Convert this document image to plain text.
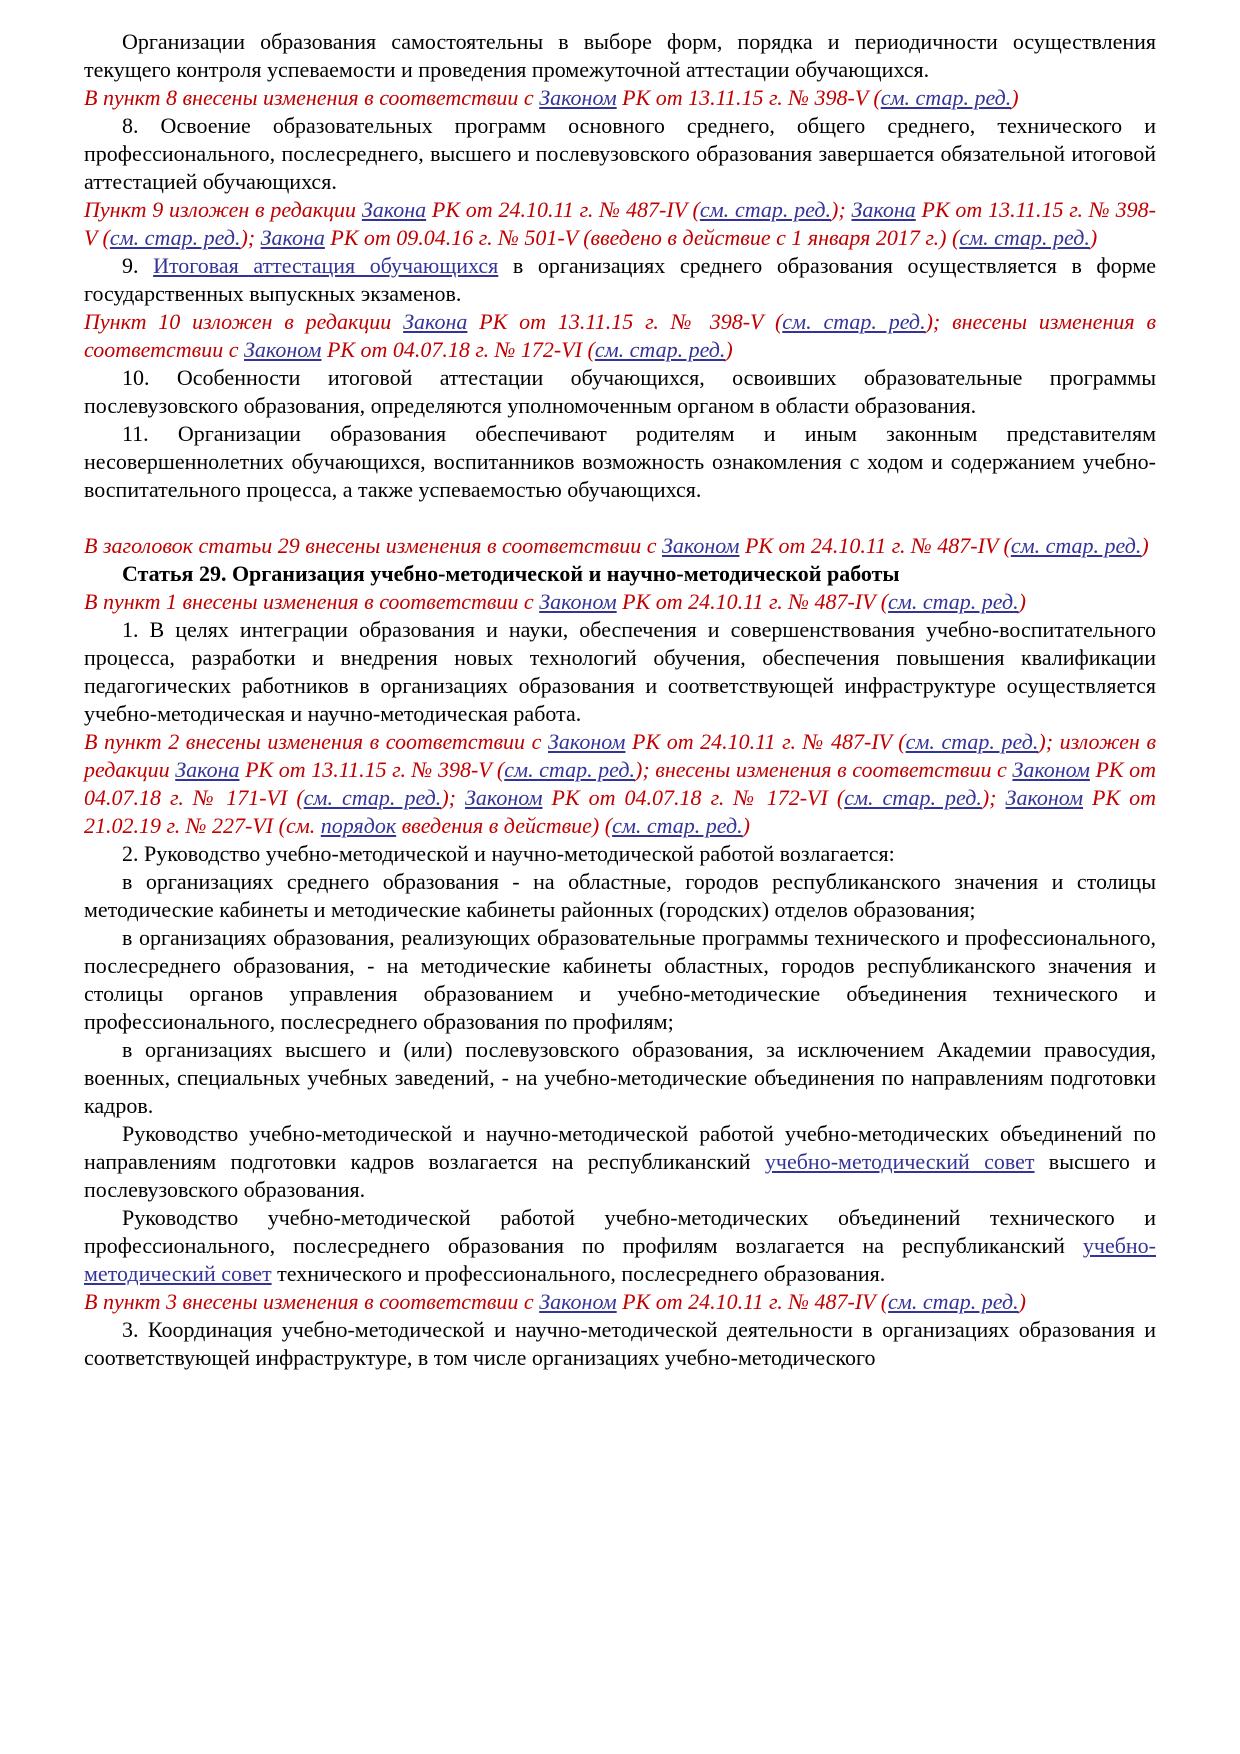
Организации образования самостоятельны в выборе форм, порядка и периодичности осуществления текущего контроля успеваемости и проведения промежуточной аттестации обучающихся.
В пункт 8 внесены изменения в соответствии с Законом РК от 13.11.15 г. № 398-V (см. стар. ред.)
8. Освоение образовательных программ основного среднего, общего среднего, технического и профессионального, послесреднего, высшего и послевузовского образования завершается обязательной итоговой аттестацией обучающихся.
Пункт 9 изложен в редакции Закона РК от 24.10.11 г. № 487-IV (см. стар. ред.); Закона РК от 13.11.15 г. № 398-V (см. стар. ред.); Закона РК от 09.04.16 г. № 501-V (введено в действие с 1 января 2017 г.) (см. стар. ред.)
9. Итоговая аттестация обучающихся в организациях среднего образования осуществляется в форме государственных выпускных экзаменов.
Пункт 10 изложен в редакции Закона РК от 13.11.15 г. № 398-V (см. стар. ред.); внесены изменения в соответствии с Законом РК от 04.07.18 г. № 172-VI (см. стар. ред.)
10. Особенности итоговой аттестации обучающихся, освоивших образовательные программы послевузовского образования, определяются уполномоченным органом в области образования.
11. Организации образования обеспечивают родителям и иным законным представителям несовершеннолетних обучающихся, воспитанников возможность ознакомления с ходом и содержанием учебно-воспитательного процесса, а также успеваемостью обучающихся.
В заголовок статьи 29 внесены изменения в соответствии с Законом РК от 24.10.11 г. № 487-IV (см. стар. ред.)
Статья 29. Организация учебно-методической и научно-методической работы
В пункт 1 внесены изменения в соответствии с Законом РК от 24.10.11 г. № 487-IV (см. стар. ред.)
1. В целях интеграции образования и науки, обеспечения и совершенствования учебно-воспитательного процесса, разработки и внедрения новых технологий обучения, обеспечения повышения квалификации педагогических работников в организациях образования и соответствующей инфраструктуре осуществляется учебно-методическая и научно-методическая работа.
В пункт 2 внесены изменения в соответствии с Законом РК от 24.10.11 г. № 487-IV (см. стар. ред.); изложен в редакции Закона РК от 13.11.15 г. № 398-V (см. стар. ред.); внесены изменения в соответствии с Законом РК от 04.07.18 г. № 171-VI (см. стар. ред.); Законом РК от 04.07.18 г. № 172-VI (см. стар. ред.); Законом РК от 21.02.19 г. № 227-VI (см. порядок введения в действие) (см. стар. ред.)
2. Руководство учебно-методической и научно-методической работой возлагается:
в организациях среднего образования - на областные, городов республиканского значения и столицы методические кабинеты и методические кабинеты районных (городских) отделов образования;
в организациях образования, реализующих образовательные программы технического и профессионального, послесреднего образования, - на методические кабинеты областных, городов республиканского значения и столицы органов управления образованием и учебно-методические объединения технического и профессионального, послесреднего образования по профилям;
в организациях высшего и (или) послевузовского образования, за исключением Академии правосудия, военных, специальных учебных заведений, - на учебно-методические объединения по направлениям подготовки кадров.
Руководство учебно-методической и научно-методической работой учебно-методических объединений по направлениям подготовки кадров возлагается на республиканский учебно-методический совет высшего и послевузовского образования.
Руководство учебно-методической работой учебно-методических объединений технического и профессионального, послесреднего образования по профилям возлагается на республиканский учебно-методический совет технического и профессионального, послесреднего образования.
В пункт 3 внесены изменения в соответствии с Законом РК от 24.10.11 г. № 487-IV (см. стар. ред.)
3. Координация учебно-методической и научно-методической деятельности в организациях образования и соответствующей инфраструктуре, в том числе организациях учебно-методического
